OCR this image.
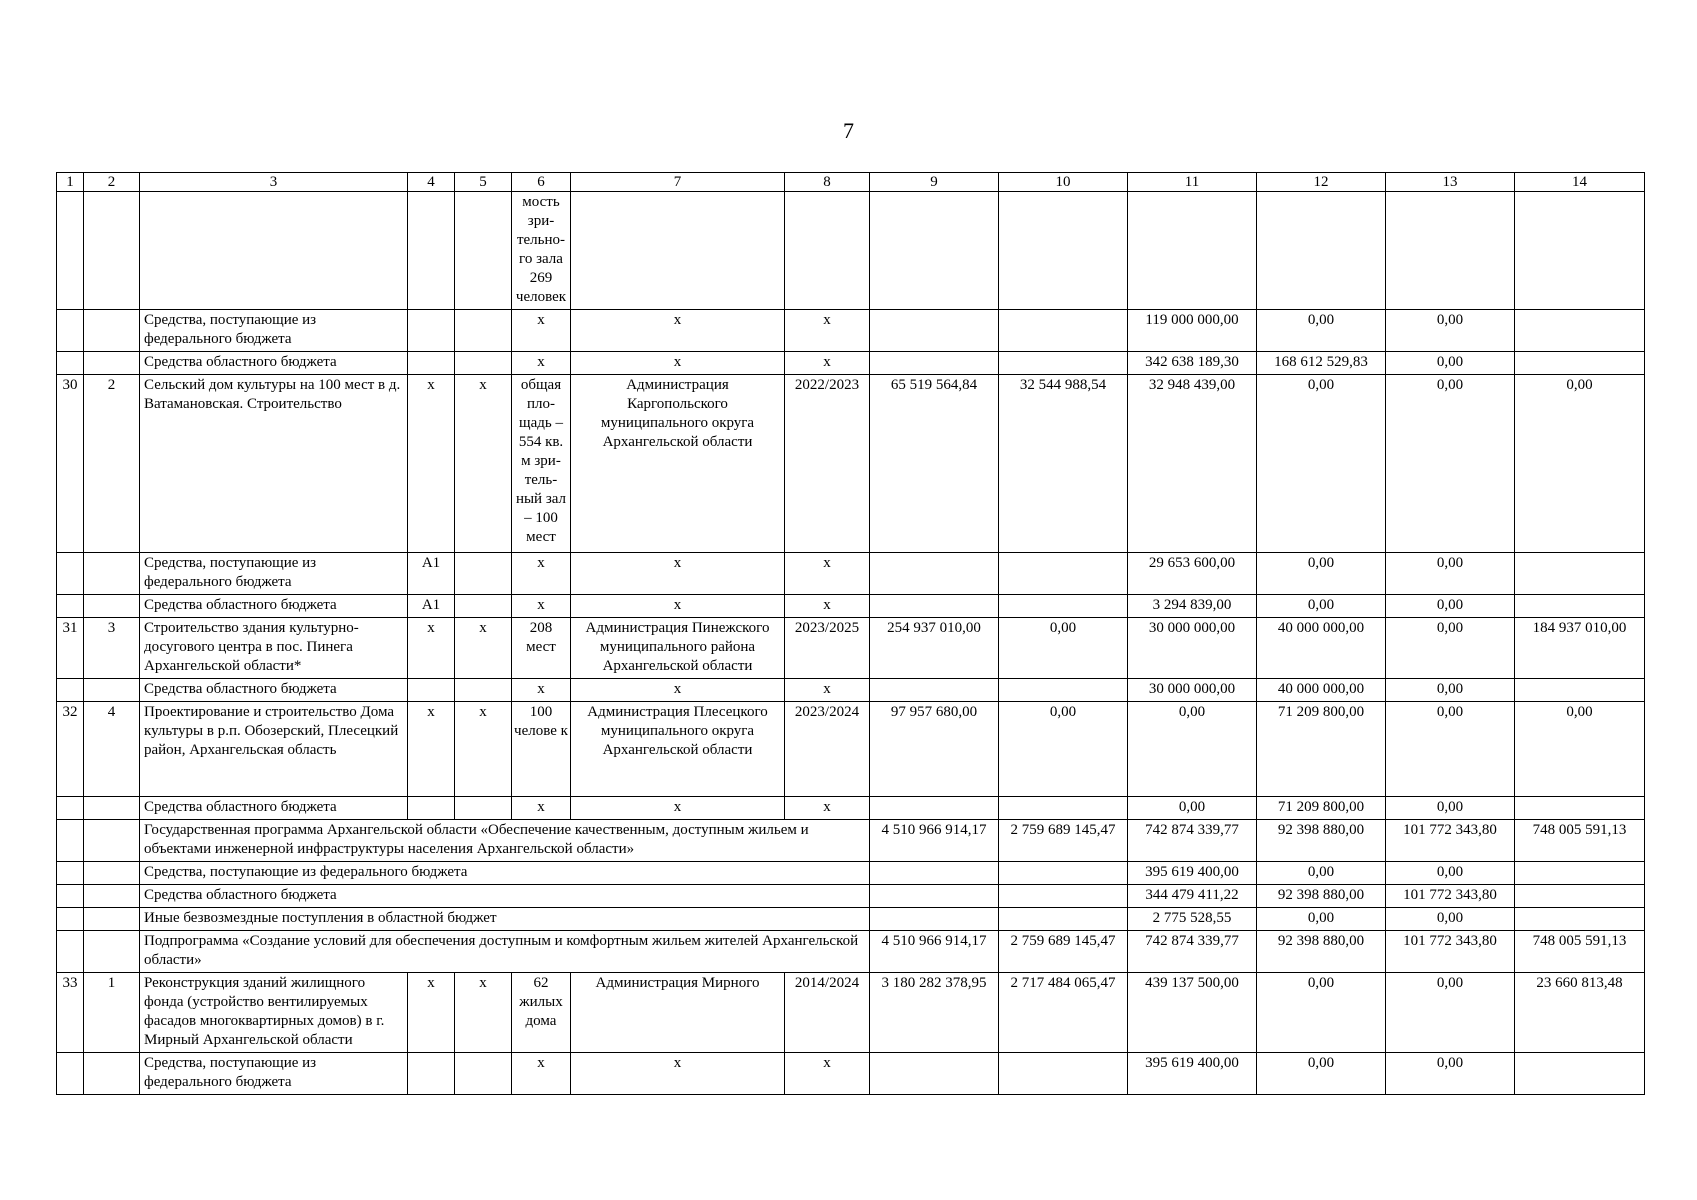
7
1	2	3	4	5	6	7	8	9	10	11	12	13	14
					мость зри-тельно-го зала 269 человек								
		Средства, поступающие из федерального бюджета			х	х	х			119 000 000,00	0,00	0,00	
		Средства областного бюджета			х	х	х			342 638 189,30	168 612 529,83	0,00	
30	2	Сельский дом культуры на 100 мест в д. Ватамановская. Строительство	х	х	общая пло-щадь – 554 кв. м зри-тель-ный зал – 100 мест	Администрация Каргопольского муниципального округа Архангельской области	2022/2023	65 519 564,84	32 544 988,54	32 948 439,00	0,00	0,00	0,00
		Средства, поступающие из федерального бюджета	А1		х	х	х			29 653 600,00	0,00	0,00	
		Средства областного бюджета	А1		х	х	х			3 294 839,00	0,00	0,00	
31	3	Строительство здания культурно-досугового центра в пос. Пинега Архангельской области*	х	х	208 мест	Администрация Пинежского муниципального района Архангельской области	2023/2025	254 937 010,00	0,00	30 000 000,00	40 000 000,00	0,00	184 937 010,00
		Средства областного бюджета			х	х	х			30 000 000,00	40 000 000,00	0,00	
32	4	Проектирование и строительство Дома культуры в р.п. Обозерский, Плесецкий район, Архангельская область	х	х	100 челове к	Администрация Плесецкого муниципального округа Архангельской области	2023/2024	97 957 680,00	0,00	0,00	71 209 800,00	0,00	0,00
		Средства областного бюджета			х	х	х			0,00	71 209 800,00	0,00	
		Государственная программа Архангельской области «Обеспечение качественным, доступным жильем и объектами инженерной инфраструктуры населения Архангельской области»						4 510 966 914,17	2 759 689 145,47	742 874 339,77	92 398 880,00	101 772 343,80	748 005 591,13
		Средства, поступающие из федерального бюджета								395 619 400,00	0,00	0,00	
		Средства областного бюджета								344 479 411,22	92 398 880,00	101 772 343,80	
		Иные безвозмездные поступления в областной бюджет								2 775 528,55	0,00	0,00	
		Подпрограмма «Создание условий для обеспечения доступным и комфортным жильем жителей Архангельской области»						4 510 966 914,17	2 759 689 145,47	742 874 339,77	92 398 880,00	101 772 343,80	748 005 591,13
33	1	Реконструкция зданий жилищного фонда (устройство вентилируемых фасадов многоквартирных домов) в г. Мирный Архангельской области	х	х	62 жилых дома	Администрация Мирного	2014/2024	3 180 282 378,95	2 717 484 065,47	439 137 500,00	0,00	0,00	23 660 813,48
		Средства, поступающие из федерального бюджета			х	х	х			395 619 400,00	0,00	0,00	
